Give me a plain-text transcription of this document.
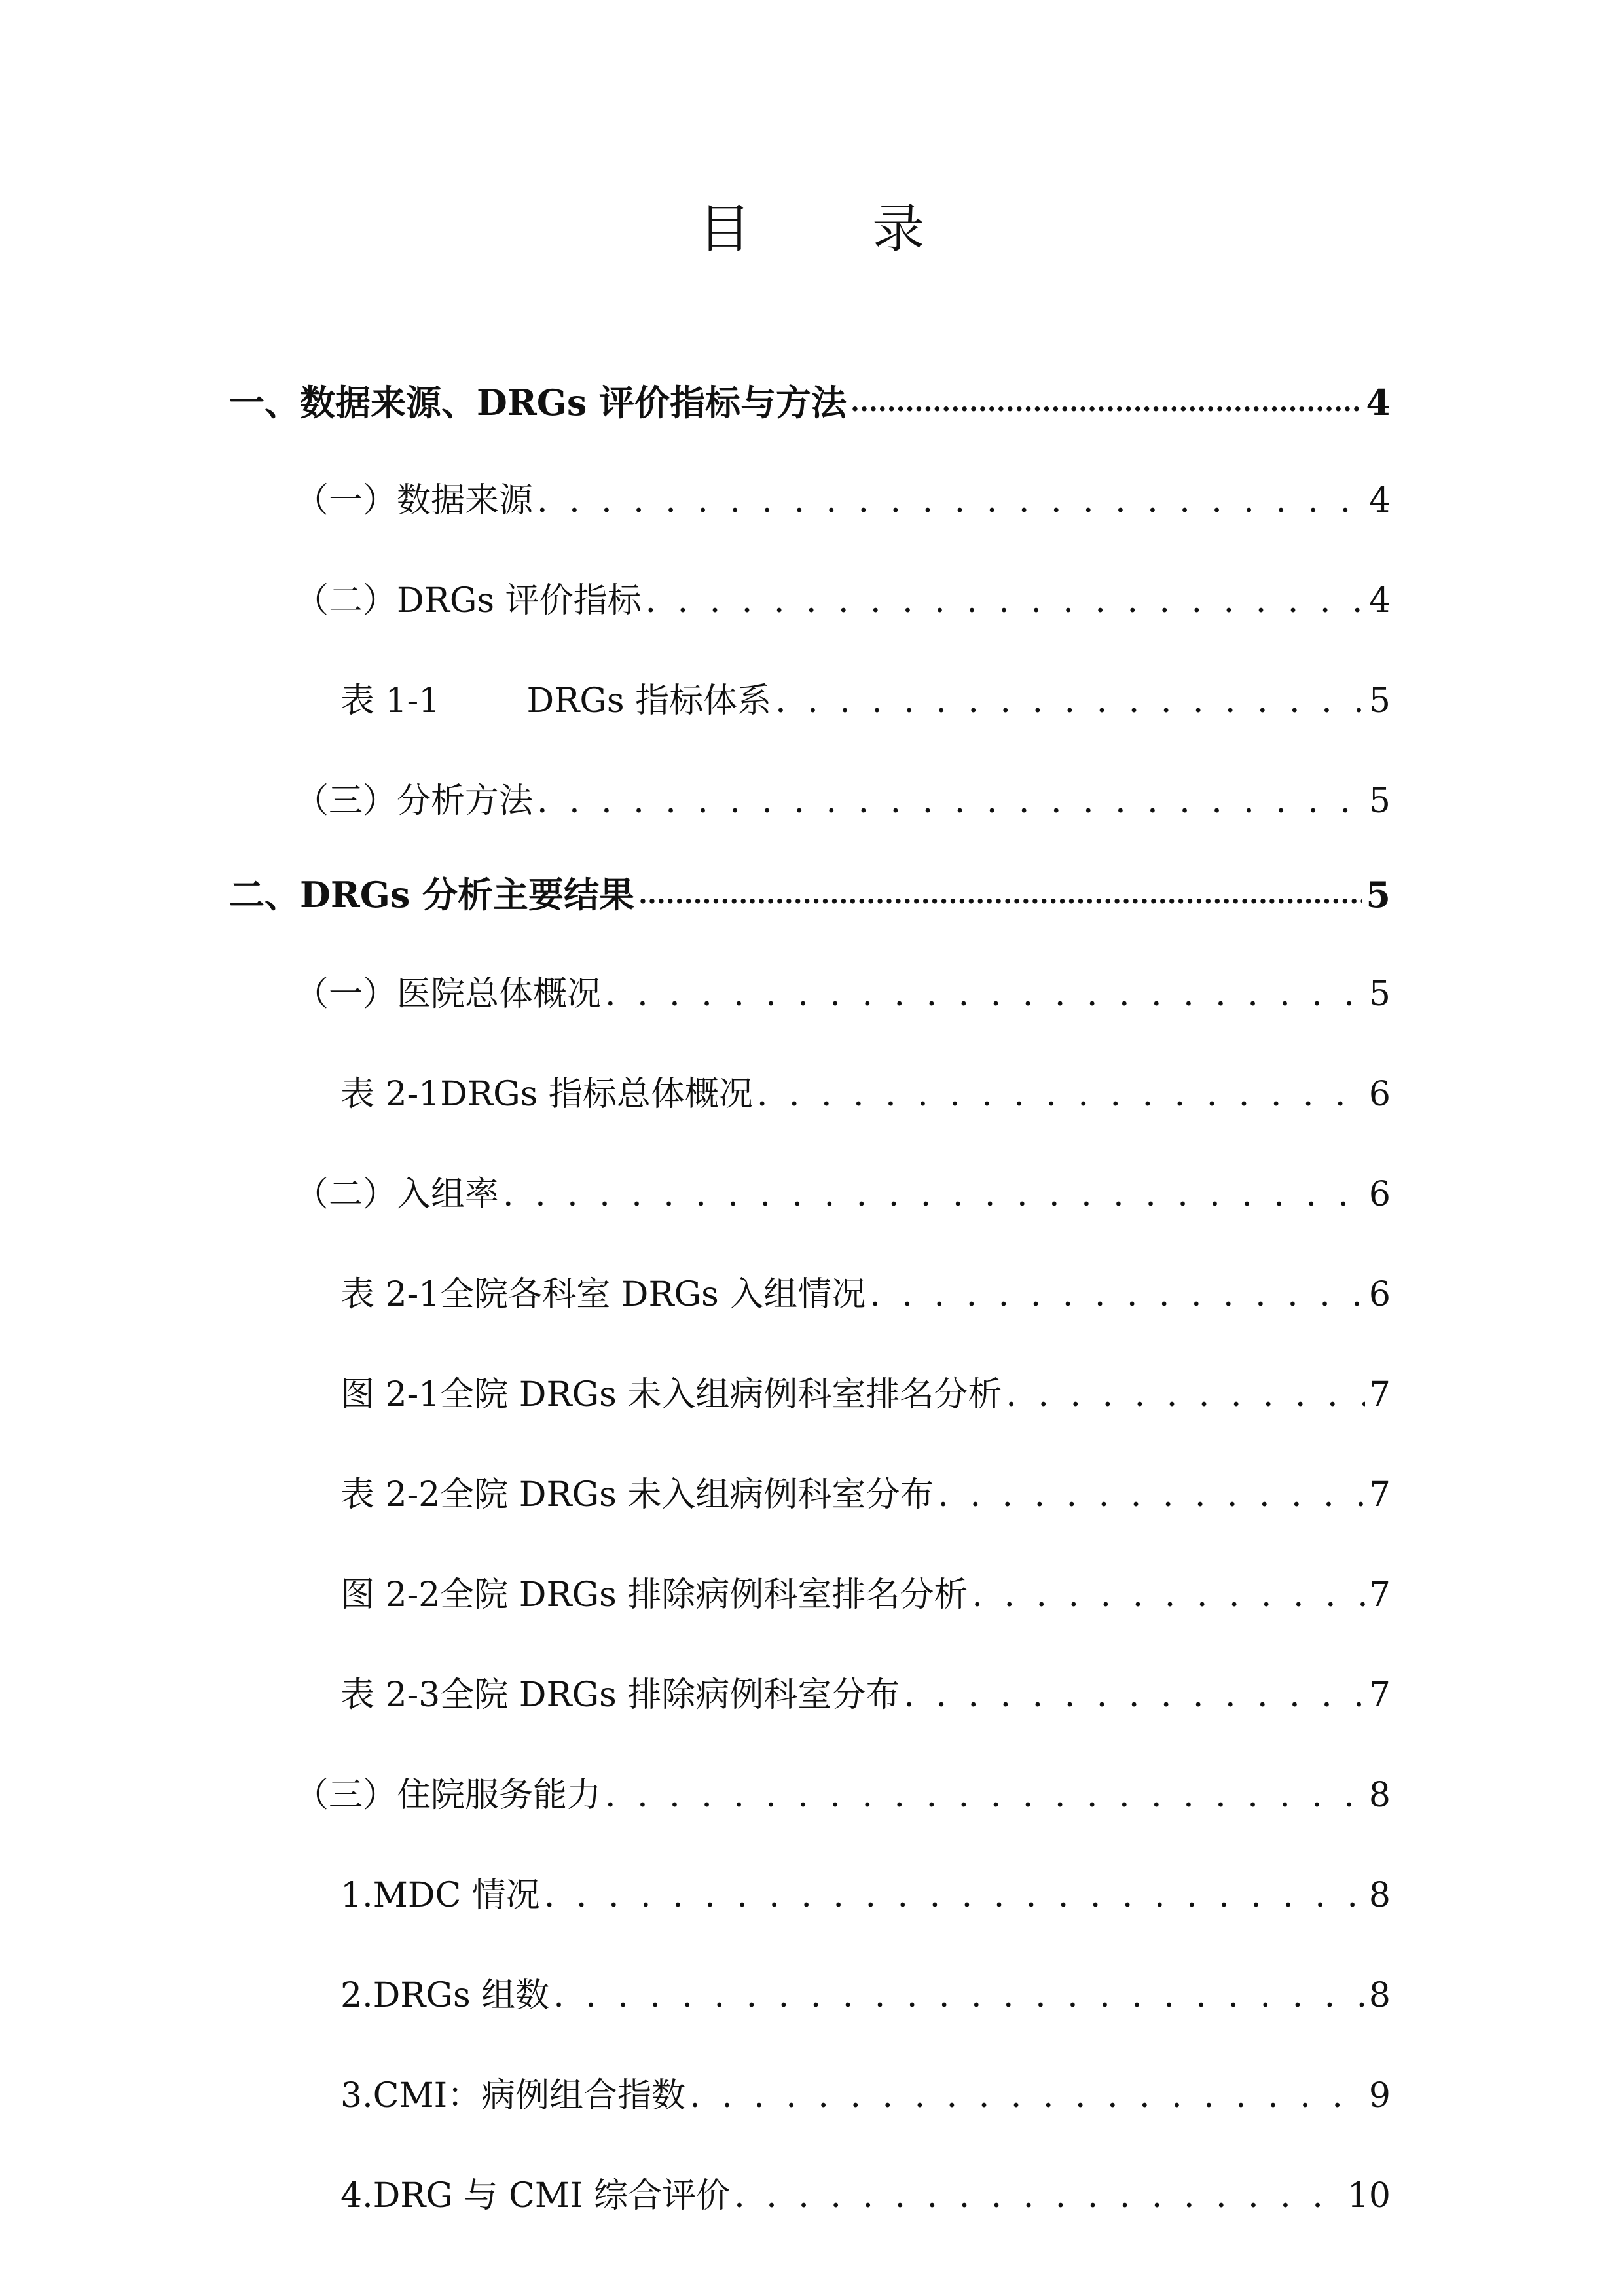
目 录
一、数据来源、DRGs 评价指标与方法 .....	4
（一）数据来源 . . .	4
（二）DRGs 评价指标 . . .	4
表 1-1        DRGs 指标体系 . . .	5
（三）分析方法 . . .	5
二、DRGs 分析主要结果 .....	5
（一）医院总体概况 . . .	5
表 2-1DRGs 指标总体概况 . . .	6
（二）入组率 . . .	6
表 2-1全院各科室 DRGs 入组情况 . . .	6
图 2-1全院 DRGs 未入组病例科室排名分析 . . .	7
表 2-2全院 DRGs 未入组病例科室分布 . . .	7
图 2-2全院 DRGs 排除病例科室排名分析 . . .	7
表 2-3全院 DRGs 排除病例科室分布 . . .	7
（三）住院服务能力 . . .	8
1.MDC 情况 . . .	8
2.DRGs 组数 . . .	8
3.CMI：病例组合指数 . . .	9
4.DRG 与 CMI 综合评价 . . .	10
